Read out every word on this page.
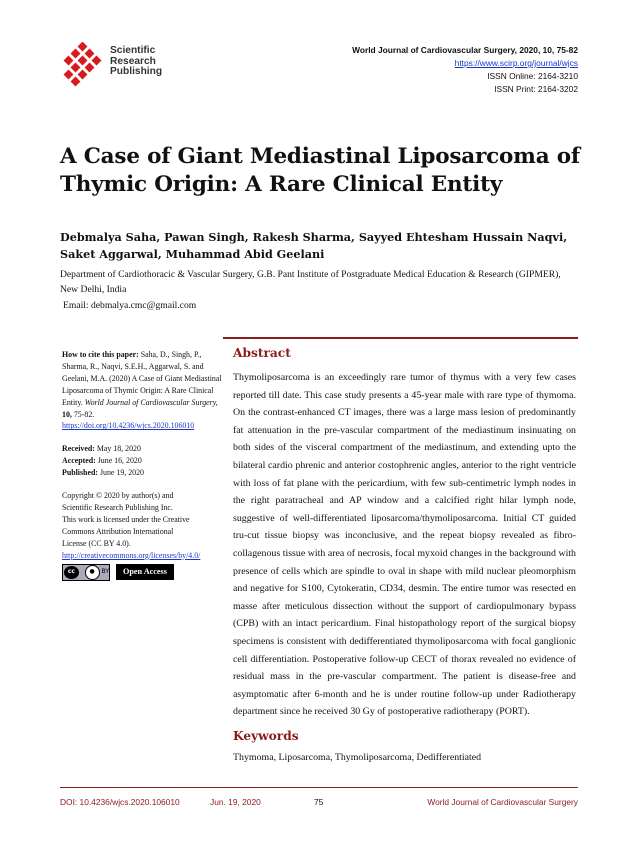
Scientific
Research
Publishing
World Journal of Cardiovascular Surgery, 2020, 10, 75-82
https://www.scirp.org/journal/wjcs
ISSN Online: 2164-3210
ISSN Print: 2164-3202
A Case of Giant Mediastinal Liposarcoma of
Thymic Origin: A Rare Clinical Entity
Debmalya Saha, Pawan Singh, Rakesh Sharma, Sayyed Ehtesham Hussain Naqvi,
Saket Aggarwal, Muhammad Abid Geelani
Department of Cardiothoracic & Vascular Surgery, G.B. Pant Institute of Postgraduate Medical Education & Research (GIPMER),
New Delhi, India
Email: debmalya.cmc@gmail.com

How to cite this paper: Saha, D., Singh, P., Sharma, R., Naqvi, S.E.H., Aggarwal, S. and Geelani, M.A. (2020) A Case of Giant Mediastinal Liposarcoma of Thymic Origin: A Rare Clinical Entity. World Journal of Cardiovascular Surgery, 10, 75-82.
https://doi.org/10.4236/wjcs.2020.106010

Received: May 18, 2020
Accepted: June 16, 2020
Published: June 19, 2020

Copyright © 2020 by author(s) and
Scientific Research Publishing Inc.
This work is licensed under the Creative
Commons Attribution International
License (CC BY 4.0).
http://creativecommons.org/licenses/by/4.0/

cc	●	BY	Open Access
Abstract
Thymoliposarcoma is an exceedingly rare tumor of thymus with a very few cases reported till date. This case study presents a 45-year male with rare type of thymoma. On the contrast-enhanced CT images, there was a large mass lesion of predominantly fat attenuation in the pre-vascular compartment of the mediastinum insinuating on both sides of the visceral compartment of the mediastinum, and extending upto the bilateral cardio phrenic and anterior costophrenic angles, anterior to the right ventricle with loss of fat plane with the pericardium, with few sub-centimetric lymph nodes in the right paratracheal and AP window and a calcified right hilar lymph node, suggestive of well-differentiated liposarcoma/thymoliposarcoma. Initial CT guided tru-cut tissue biopsy was inconclusive, and the repeat biopsy revealed as fibro-collagenous tissue with area of necrosis, focal myxoid changes in the background with presence of cells which are spindle to oval in shape with mild nuclear pleomorphism and negative for S100, Cytokeratin, CD34, desmin. The entire tumor was resected en masse after meticulous dissection without the support of cardiopulmonary bypass (CPB) with an intact pericardium. Final histopathology report of the surgical biopsy specimens is consistent with dedifferentiated thymoliposarcoma with focal ganglionic cell differentiation. Postoperative follow-up CECT of thorax revealed no evidence of residual mass in the pre-vascular compartment. The patient is disease-free and asymptomatic after 6-month and he is under routine follow-up under Radiotherapy department since he received 30 Gy of postoperative radiotherapy (PORT).
Keywords
Thymoma, Liposarcoma, Thymoliposarcoma, Dedifferentiated
DOI: 10.4236/wjcs.2020.106010	Jun. 19, 2020	75	World Journal of Cardiovascular Surgery
